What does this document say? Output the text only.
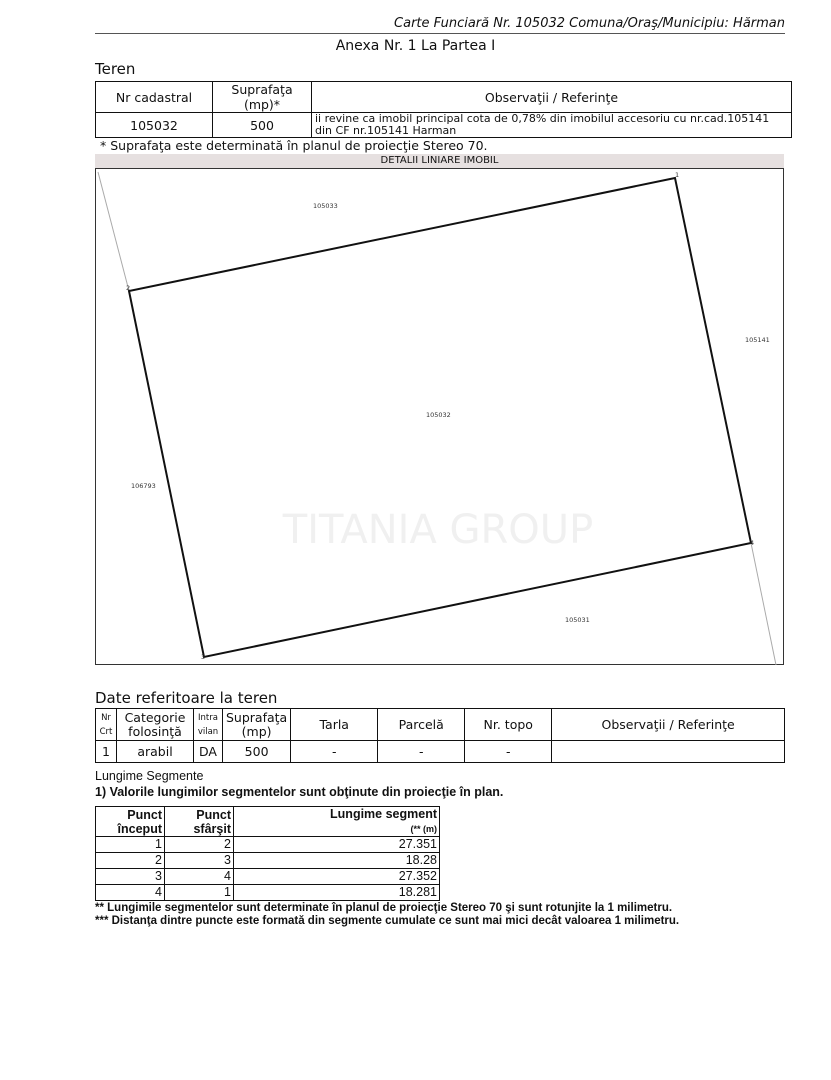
Carte Funciară Nr. 105032 Comuna/Oraş/Municipiu: Hărman
Anexa Nr. 1 La Partea I
Teren
Nr cadastral	Suprafaţa (mp)*	Observaţii / Referinţe
105032	500	ii revine ca imobil principal cota de 0,78% din imobilul accesoriu cu nr.cad.105141 din CF nr.105141 Harman
* Suprafaţa este determinată în planul de proiecţie Stereo 70.
DETALII LINIARE IMOBIL
TITANIA GROUP
1
2
3
4
105033
105141
106793
105031
105032
Date referitoare la teren
Nr Crt	Categorie folosinţă	Intra vilan	Suprafaţa (mp)	Tarla	Parcelă	Nr. topo	Observaţii / Referinţe
1	arabil	DA	500	-	-	-	
Lungime Segmente
1) Valorile lungimilor segmentelor sunt obţinute din proiecţie în plan.
Punct început	Punct sfârşit	Lungime segment
(** (m)
1	2	27.351
2	3	18.28
3	4	27.352
4	1	18.281
** Lungimile segmentelor sunt determinate în planul de proiecţie Stereo 70 şi sunt rotunjite la 1 milimetru.
*** Distanţa dintre puncte este formată din segmente cumulate ce sunt mai mici decât valoarea 1 milimetru.
